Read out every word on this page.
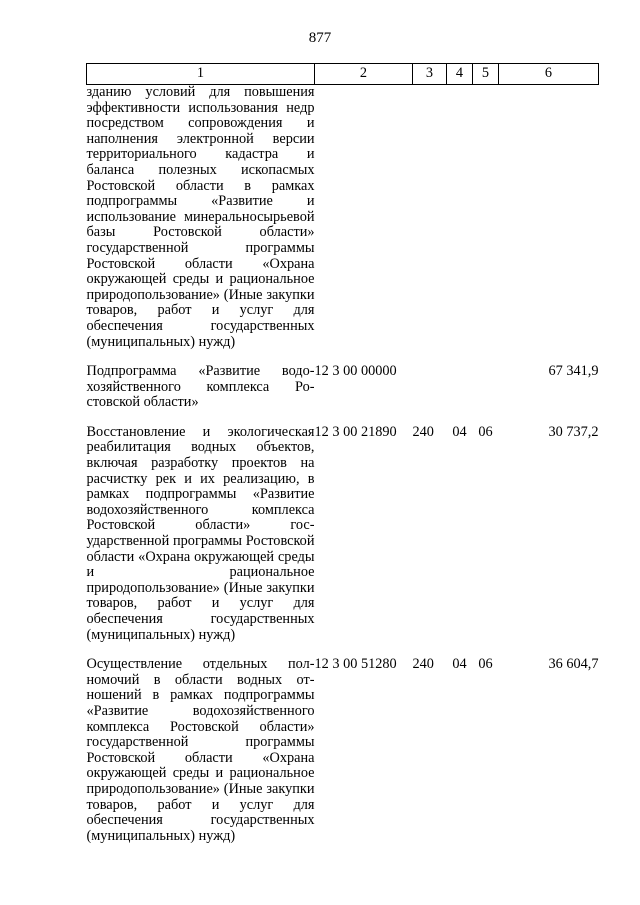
877
1	2	3	4	5	6
зданию условий для повышения эффективности использования недр посредством сопровождения и наполнения электронной версии территориального кадастра и баланса полезных ископасмых Ростовской области в рамках подпрограммы «Развитие и использование минеральносырьевой базы Ростовской области» государственной программы Ростовской области «Охрана окружающей среды и рациональное природопользование» (Иные закупки товаров, работ и услуг для обеспечения государственных (муниципальных) нужд)					
Подпрограмма «Развитие водохозяйственного комплекса Ростовской области»	12 3 00 00000				67 341,9
Восстановление и экологическая реабилитация водных объектов, включая разработку проектов на расчистку рек и их реализацию, в рамках подпрограммы «Развитие водохозяйственного комплекса Ростовской области» государственной программы Ростовской области «Охрана окружающей среды и рациональное природопользование» (Иные закупки товаров, работ и услуг для обеспечения государственных (муниципальных) нужд)	12 3 00 21890	240	04	06	30 737,2
Осуществление отдельных полномочий в области водных отношений в рамках подпрограммы «Развитие водохозяйственного комплекса Ростовской области» государственной программы Ростовской области «Охрана окружающей среды и рациональное природопользование» (Иные закупки товаров, работ и услуг для обеспечения государственных (муниципальных) нужд)	12 3 00 51280	240	04	06	36 604,7
